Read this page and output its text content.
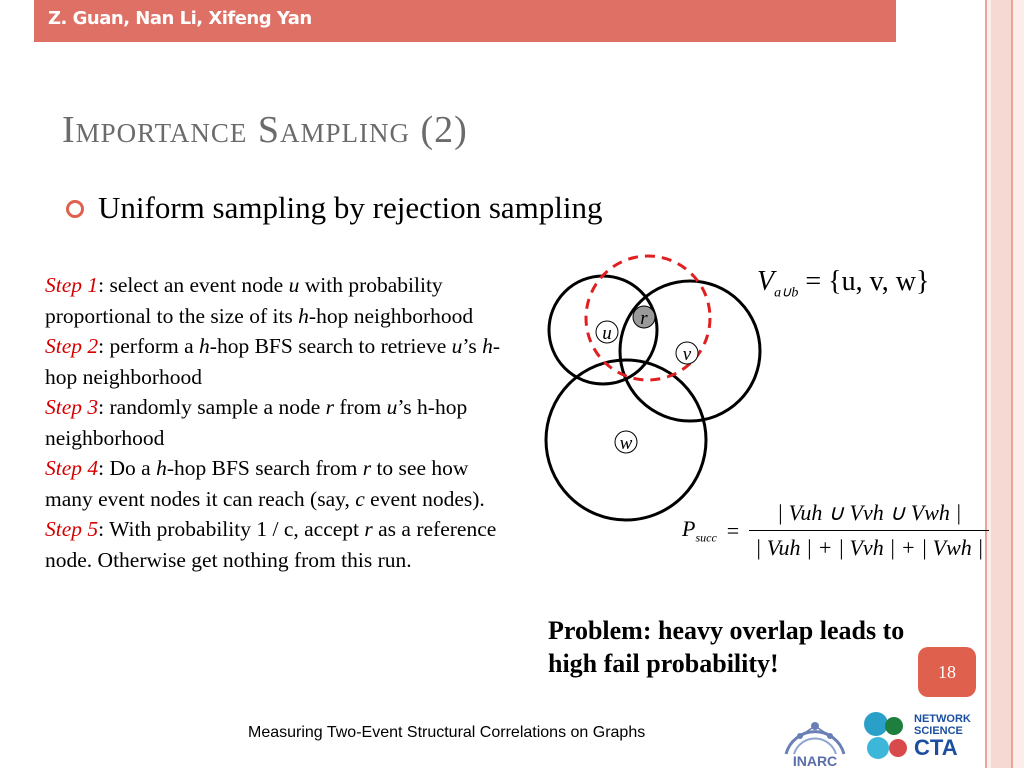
Z. Guan, Nan Li, Xifeng Yan
Importance Sampling (2)
Uniform sampling by rejection sampling
Step 1: select an event node u with probability proportional to the size of its h-hop neighborhood
Step 2: perform a h-hop BFS search to retrieve u’s h-hop neighborhood
Step 3: randomly sample a node r from u’s h-hop neighborhood
Step 4: Do a h-hop BFS search from r to see how many event nodes it can reach (say, c event nodes).
Step 5: With probability 1 / c, accept r as a reference node. Otherwise get nothing from this run.
u
r
v
w
$V_{a\cup b} = \{u$, v, w}
$P_{succ} = \frac{\text{| Vuh ∪ Vvh ∪ Vwh |}}{\text{| Vuh | + | Vvh | + | Vwh |}}$
Problem: heavy overlap leads to high fail probability!	18
Measuring Two-Event Structural Correlations on Graphs
INARC
NETWORK
SCIENCE
CTA
